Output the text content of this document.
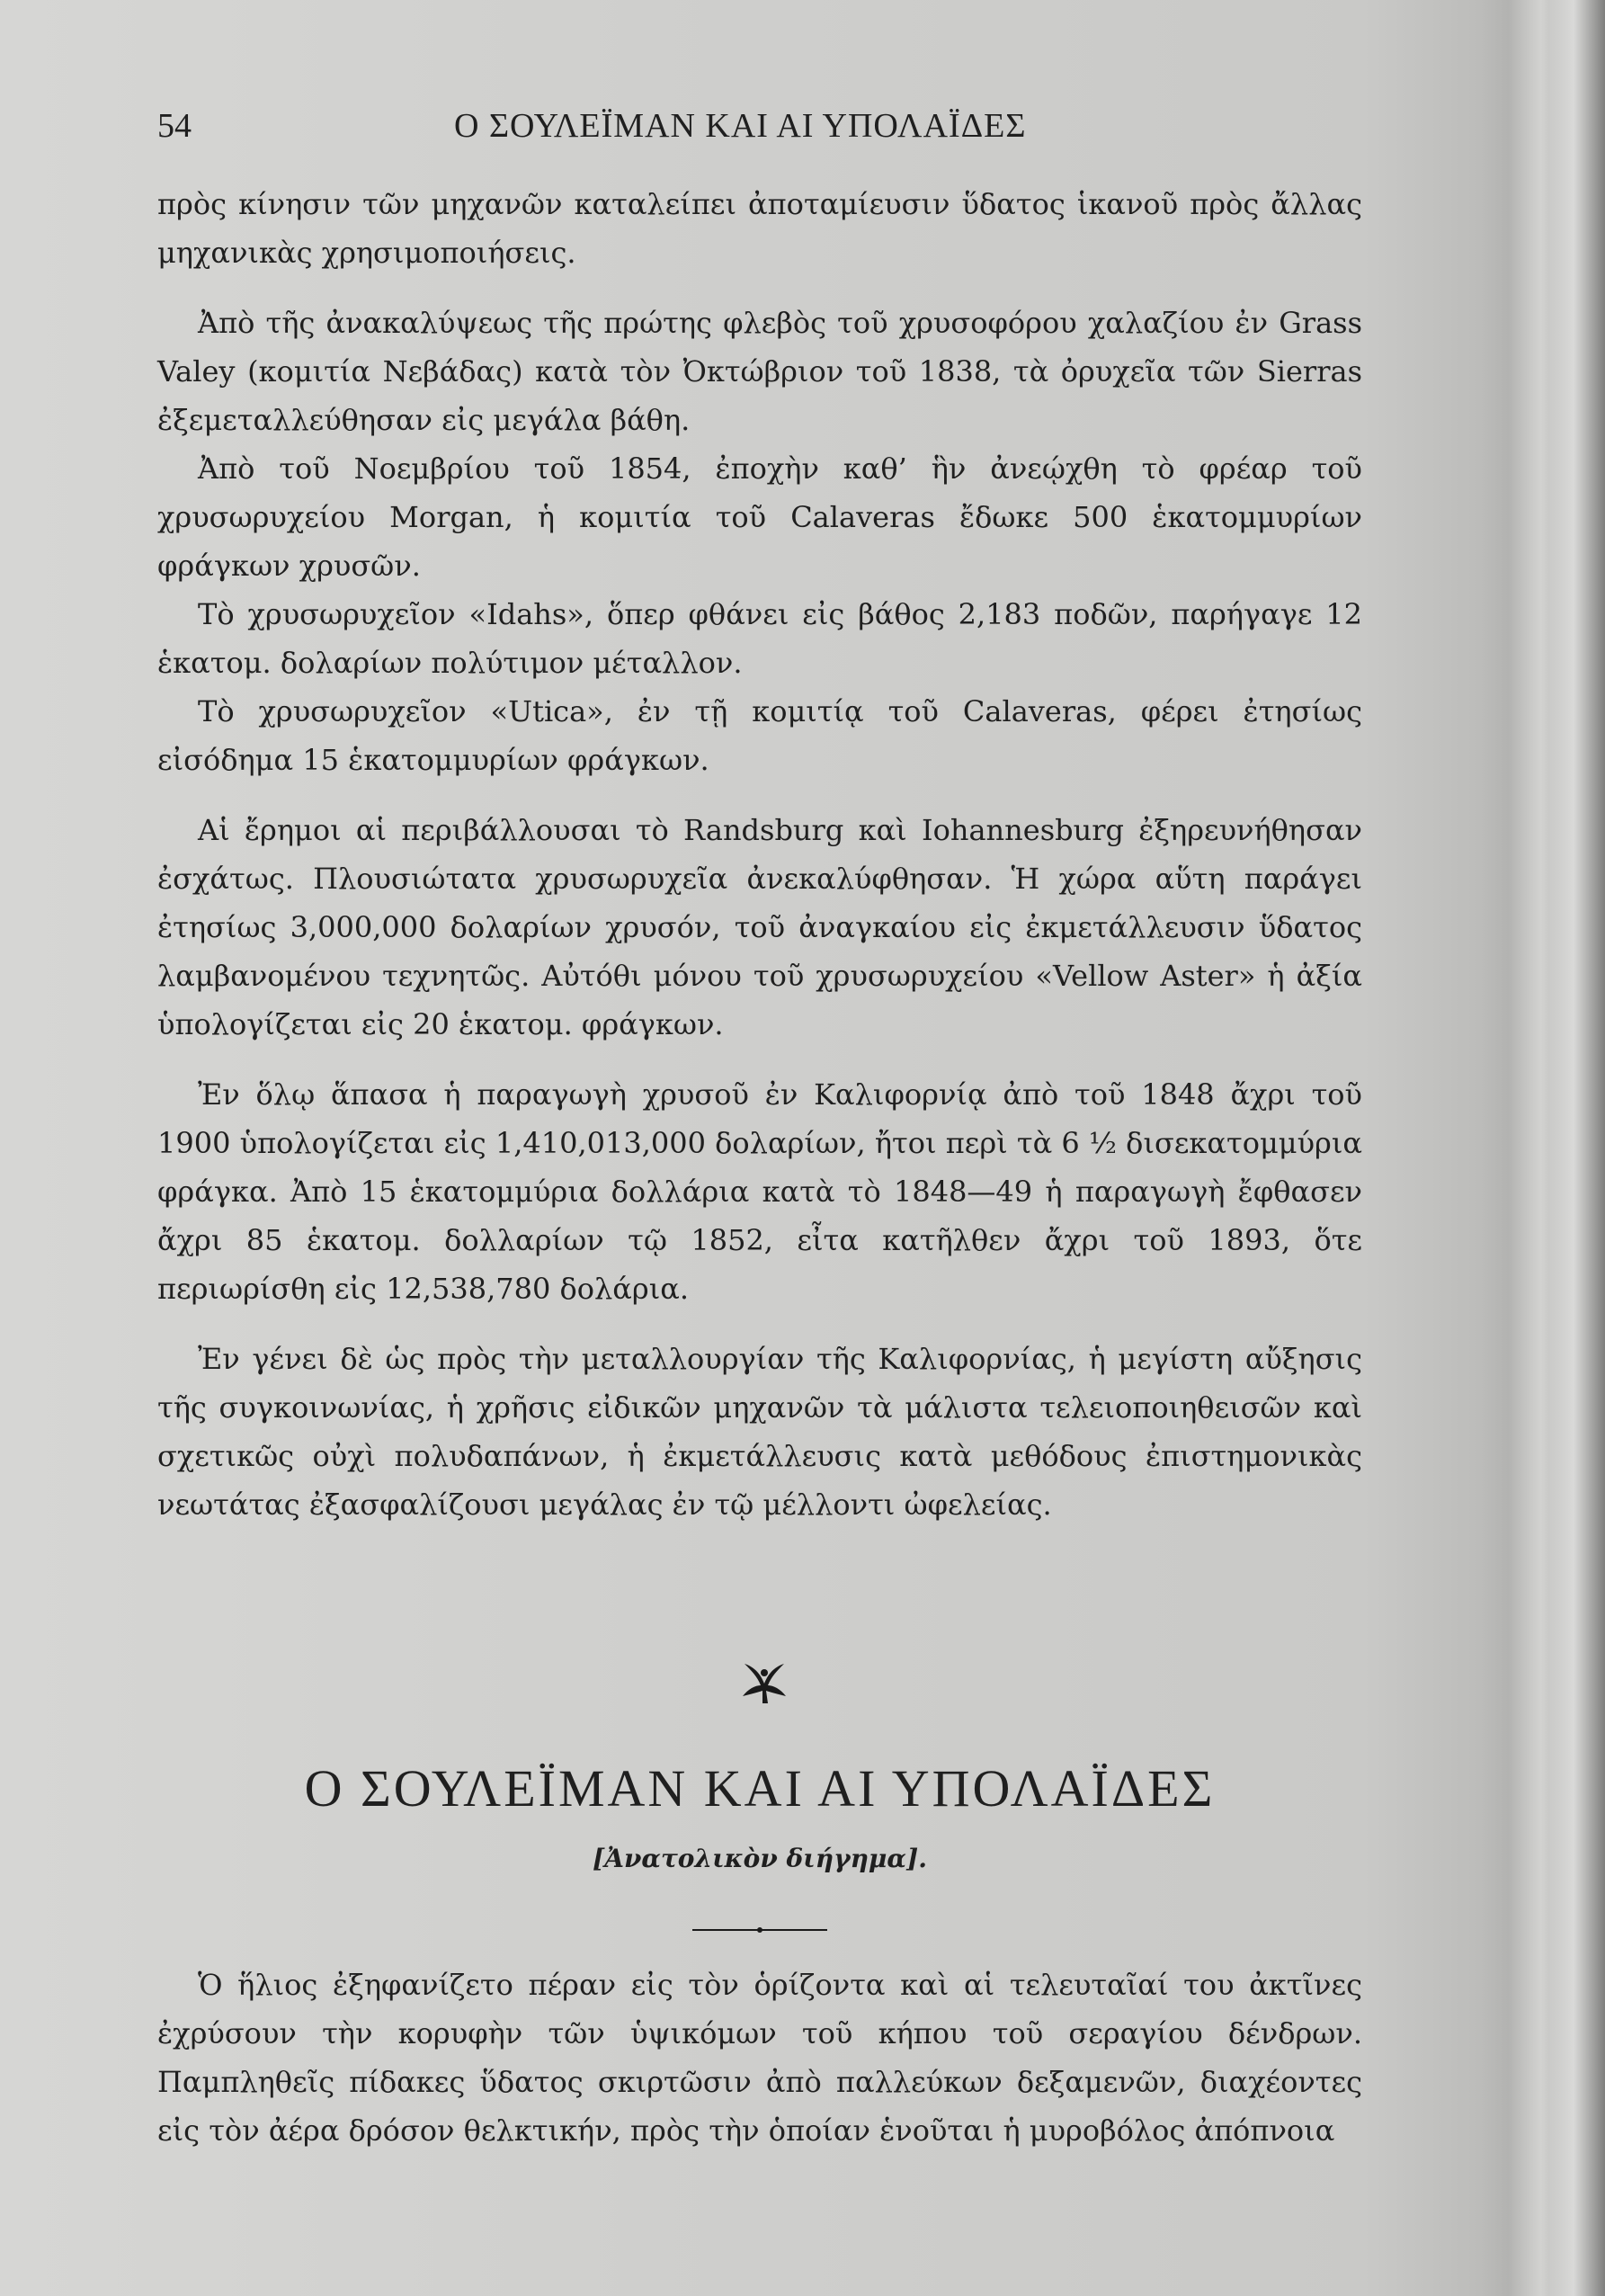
54	Ο ΣΟΥΛΕΪΜΑΝ ΚΑΙ ΑΙ ΥΠΟΛΑΪΔΕΣ

πρὸς κίνησιν τῶν μηχανῶν καταλείπει ἀποταμίευσιν ὕδατος ἱκανοῦ πρὸς ἄλλας μηχανικὰς χρησιμοποιήσεις.

Ἀπὸ τῆς ἀνακαλύψεως τῆς πρώτης φλεβὸς τοῦ χρυσοφόρου χαλαζίου ἐν Grass Valey (κομιτία Νεβάδας) κατὰ τὸν Ὀκτώβριον τοῦ 1838, τὰ ὀρυχεῖα τῶν Sierras ἐξεμεταλλεύθησαν εἰς μεγάλα βάθη.

Ἀπὸ τοῦ Νοεμβρίου τοῦ 1854, ἐποχὴν καθ’ ἣν ἀνεῴχθη τὸ φρέαρ τοῦ χρυσωρυχείου Morgan, ἡ κομιτία τοῦ Calaveras ἔδωκε 500 ἑκατομμυρίων φράγκων χρυσῶν.

Τὸ χρυσωρυχεῖον «Idahs», ὅπερ φθάνει εἰς βάθος 2,183 ποδῶν, παρήγαγε 12 ἑκατομ. δολαρίων πολύτιμον μέταλλον.

Τὸ χρυσωρυχεῖον «Utica», ἐν τῇ κομιτίᾳ τοῦ Calaveras, φέρει ἐτησίως εἰσόδημα 15 ἑκατομμυρίων φράγκων.

Αἱ ἔρημοι αἱ περιβάλλουσαι τὸ Randsburg καὶ Iohannesburg ἐξηρευνήθησαν ἐσχάτως. Πλουσιώτατα χρυσωρυχεῖα ἀνεκαλύφθησαν. Ἡ χώρα αὕτη παράγει ἐτησίως 3,000,000 δολαρίων χρυσόν, τοῦ ἀναγκαίου εἰς ἐκμετάλλευσιν ὕδατος λαμβανομένου τεχνητῶς. Αὐτόθι μόνου τοῦ χρυσωρυχείου «Vellow Aster» ἡ ἀξία ὑπολογίζεται εἰς 20 ἑκατομ. φράγκων.

Ἐν ὅλῳ ἅπασα ἡ παραγωγὴ χρυσοῦ ἐν Καλιφορνίᾳ ἀπὸ τοῦ 1848 ἄχρι τοῦ 1900 ὑπολογίζεται εἰς 1,410,013,000 δολαρίων, ἤτοι περὶ τὰ 6 ½ δισεκατομμύρια φράγκα. Ἀπὸ 15 ἑκατομμύρια δολλάρια κατὰ τὸ 1848—49 ἡ παραγωγὴ ἔφθασεν ἄχρι 85 ἑκατομ. δολλαρίων τῷ 1852, εἶτα κατῆλθεν ἄχρι τοῦ 1893, ὅτε περιωρίσθη εἰς 12,538,780 δολάρια.

Ἐν γένει δὲ ὡς πρὸς τὴν μεταλλουργίαν τῆς Καλιφορνίας, ἡ μεγίστη αὔξησις τῆς συγκοινωνίας, ἡ χρῆσις εἰδικῶν μηχανῶν τὰ μάλιστα τελειοποιηθεισῶν καὶ σχετικῶς οὐχὶ πολυδαπάνων, ἡ ἐκμετάλλευσις κατὰ μεθόδους ἐπιστημονικὰς νεωτάτας ἐξασφαλίζουσι μεγάλας ἐν τῷ μέλλοντι ὠφελείας.

Ο ΣΟΥΛΕΪΜΑΝ ΚΑΙ ΑΙ ΥΠΟΛΑΪΔΕΣ
[Ἀνατολικὸν διήγημα].

Ὁ ἥλιος ἐξηφανίζετο πέραν εἰς τὸν ὁρίζοντα καὶ αἱ τελευταῖαί του ἀκτῖνες ἐχρύσουν τὴν κορυφὴν τῶν ὑψικόμων τοῦ κήπου τοῦ σεραγίου δένδρων. Παμπληθεῖς πίδακες ὕδατος σκιρτῶσιν ἀπὸ παλλεύκων δεξαμενῶν, διαχέοντες εἰς τὸν ἀέρα δρόσον θελκτικήν, πρὸς τὴν ὁποίαν ἑνοῦται ἡ μυροβόλος ἀπόπνοια
